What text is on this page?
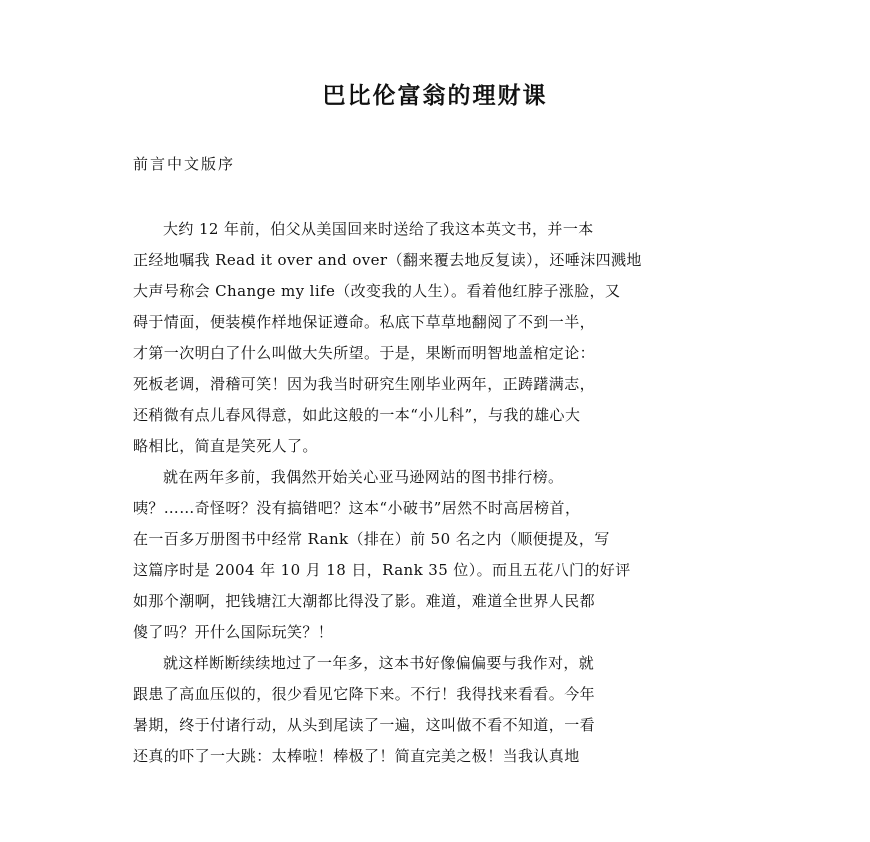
巴比伦富翁的理财课
前言中文版序

大约 12 年前，伯父从美国回来时送给了我这本英文书，并一本
正经地嘱我 Read it over and over（翻来覆去地反复读），还唾沫四溅地
大声号称会 Change my life（改变我的人生）。看着他红脖子涨脸，又
碍于情面，便装模作样地保证遵命。私底下草草地翻阅了不到一半，
才第一次明白了什么叫做大失所望。于是，果断而明智地盖棺定论：
死板老调，滑稽可笑！因为我当时研究生刚毕业两年，正踌躇满志，
还稍微有点儿春风得意，如此这般的一本“小儿科”，与我的雄心大
略相比，简直是笑死人了。

就在两年多前，我偶然开始关心亚马逊网站的图书排行榜。
咦？……奇怪呀？没有搞错吧？这本“小破书”居然不时高居榜首，
在一百多万册图书中经常 Rank（排在）前 50 名之内（顺便提及，写
这篇序时是 2004 年 10 月 18 日，Rank 35 位）。而且五花八门的好评
如那个潮啊，把钱塘江大潮都比得没了影。难道，难道全世界人民都
傻了吗？开什么国际玩笑？！

就这样断断续续地过了一年多，这本书好像偏偏要与我作对，就
跟患了高血压似的，很少看见它降下来。不行！我得找来看看。今年
暑期，终于付诸行动，从头到尾读了一遍，这叫做不看不知道，一看
还真的吓了一大跳：太棒啦！棒极了！简直完美之极！当我认真地
